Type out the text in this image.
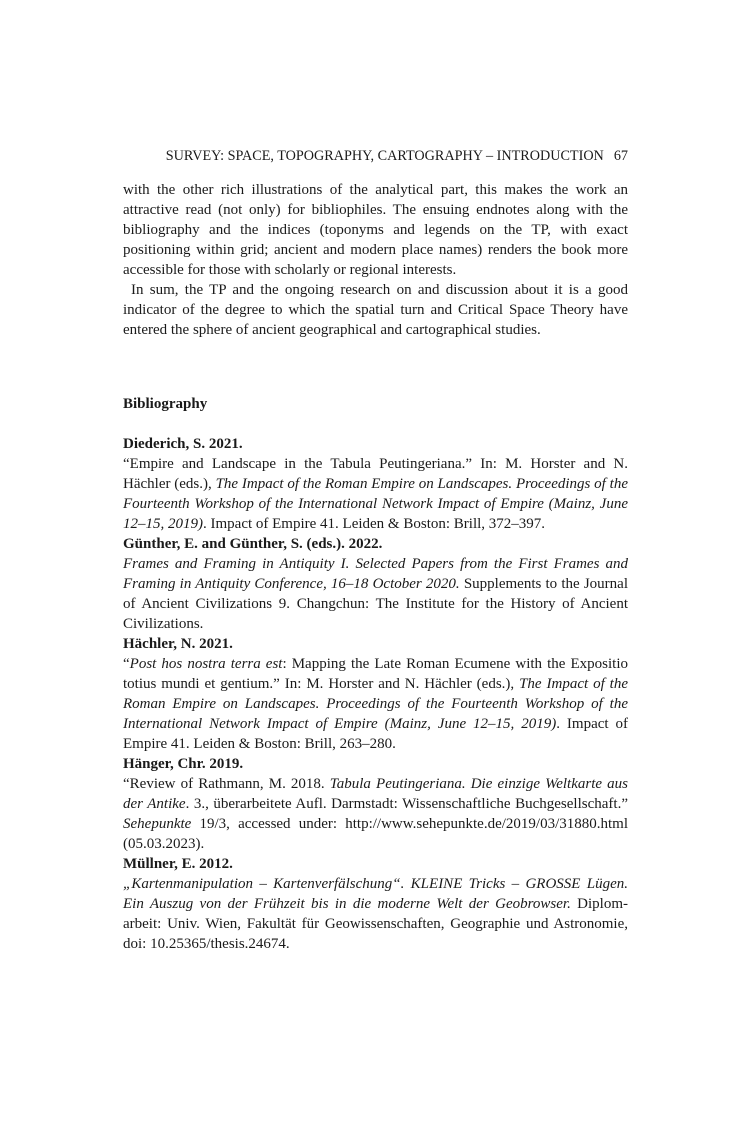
SURVEY: SPACE, TOPOGRAPHY, CARTOGRAPHY – INTRODUCTION 67

with the other rich illustrations of the analytical part, this makes the work an attractive read (not only) for bibliophiles. The ensuing endnotes along with the bibliography and the indices (toponyms and legends on the TP, with exact positioning within grid; ancient and modern place names) renders the book more accessible for those with scholarly or regional interests.

In sum, the TP and the ongoing research on and discussion about it is a good indicator of the degree to which the spatial turn and Critical Space Theory have entered the sphere of ancient geographical and cartographical studies.

Bibliography
Diederich, S. 2021.

“Empire and Landscape in the Tabula Peutingeriana.” In: M. Horster and N. Hächler (eds.), The Impact of the Roman Empire on Landscapes. Proceedings of the Fourteenth Workshop of the International Network Impact of Empire (Mainz, June 12–15, 2019). Impact of Empire 41. Leiden & Boston: Brill, 372–397.

Günther, E. and Günther, S. (eds.). 2022.

Frames and Framing in Antiquity I. Selected Papers from the First Frames and Framing in Antiquity Conference, 16–18 October 2020. Supplements to the Journal of Ancient Civilizations 9. Changchun: The Institute for the History of Ancient Civilizations.

Hächler, N. 2021.

“Post hos nostra terra est: Mapping the Late Roman Ecumene with the Expositio totius mundi et gentium.” In: M. Horster and N. Hächler (eds.), The Impact of the Roman Empire on Landscapes. Proceedings of the Fourteenth Workshop of the International Network Impact of Empire (Mainz, June 12–15, 2019). Impact of Empire 41. Leiden & Boston: Brill, 263–280.

Hänger, Chr. 2019.

“Review of Rathmann, M. 2018. Tabula Peutingeriana. Die einzige Weltkarte aus der Antike. 3., überarbeitete Aufl. Darmstadt: Wissenschaftliche Buchgesellschaft.” Sehepunkte 19/3, accessed under: http://www.sehepunkte.de/2019/03/31880.html (05.03.2023).

Müllner, E. 2012.

„Kartenmanipulation – Kartenverfälschung“. KLEINE Tricks – GROSSE Lügen. Ein Auszug von der Frühzeit bis in die moderne Welt der Geobrowser. Diplomarbeit: Univ. Wien, Fakultät für Geowissenschaften, Geographie und Astronomie, doi: 10.25365/thesis.24674.
